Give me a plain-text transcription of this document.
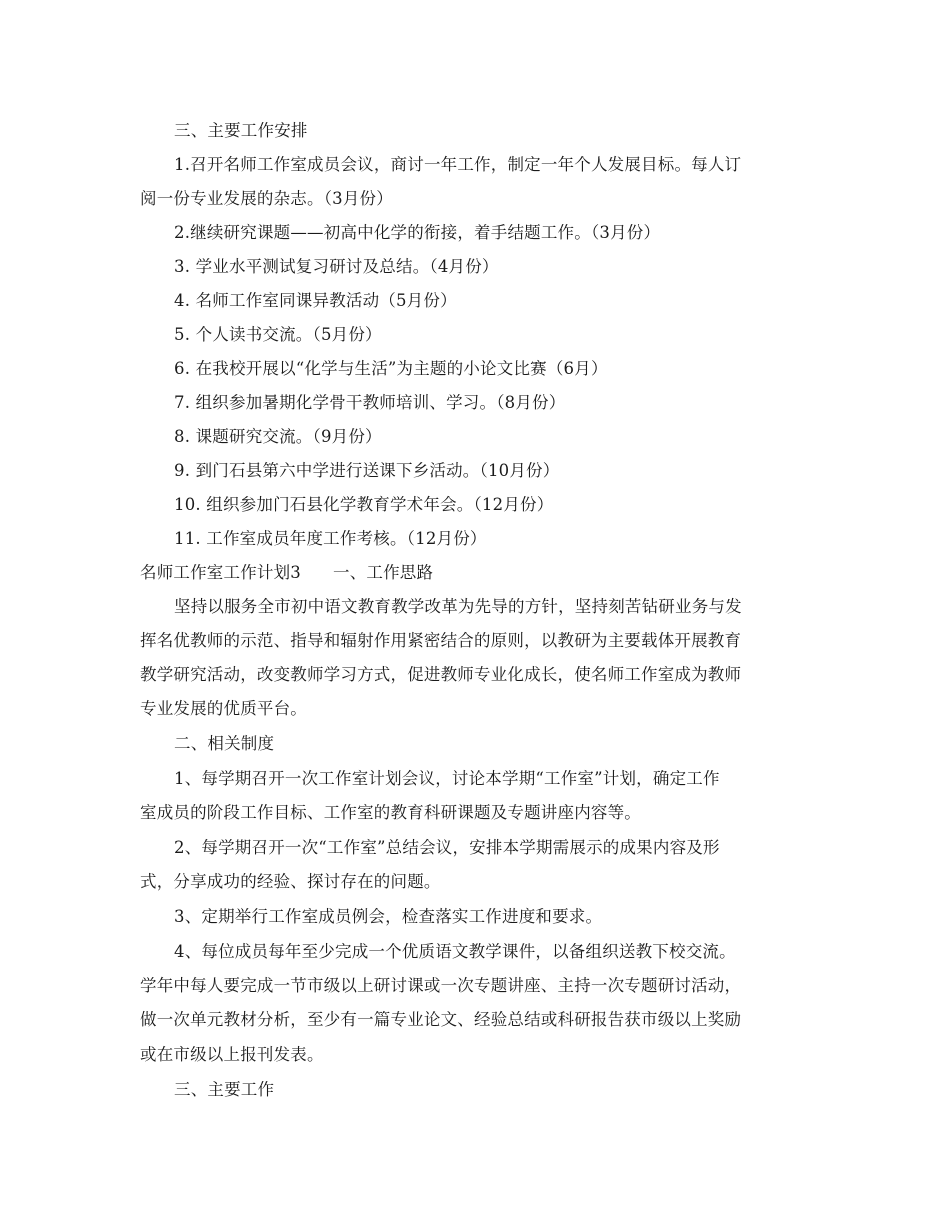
三、主要工作安排
1.召开名师工作室成员会议，商讨一年工作，制定一年个人发展目标。每人订
阅一份专业发展的杂志。（3月份）
2.继续研究课题——初高中化学的衔接，着手结题工作。（3月份）
3. 学业水平测试复习研讨及总结。（4月份）
4. 名师工作室同课异教活动（5月份）
5. 个人读书交流。（5月份）
6. 在我校开展以“化学与生活”为主题的小论文比赛（6月）
7. 组织参加暑期化学骨干教师培训、学习。（8月份）
8. 课题研究交流。（9月份）
9. 到门石县第六中学进行送课下乡活动。（10月份）
10. 组织参加门石县化学教育学术年会。（12月份）
11. 工作室成员年度工作考核。（12月份）
名师工作室工作计划3 一、工作思路
坚持以服务全市初中语文教育教学改革为先导的方针，坚持刻苦钻研业务与发
挥名优教师的示范、指导和辐射作用紧密结合的原则，以教研为主要载体开展教育
教学研究活动，改变教师学习方式，促进教师专业化成长，使名师工作室成为教师
专业发展的优质平台。
二、相关制度
1、每学期召开一次工作室计划会议，讨论本学期“工作室”计划，确定工作
室成员的阶段工作目标、工作室的教育科研课题及专题讲座内容等。
2、每学期召开一次“工作室”总结会议，安排本学期需展示的成果内容及形
式，分享成功的经验、探讨存在的问题。
3、定期举行工作室成员例会，检查落实工作进度和要求。
4、每位成员每年至少完成一个优质语文教学课件，以备组织送教下校交流。
学年中每人要完成一节市级以上研讨课或一次专题讲座、主持一次专题研讨活动，
做一次单元教材分析，至少有一篇专业论文、经验总结或科研报告获市级以上奖励
或在市级以上报刊发表。
三、主要工作
